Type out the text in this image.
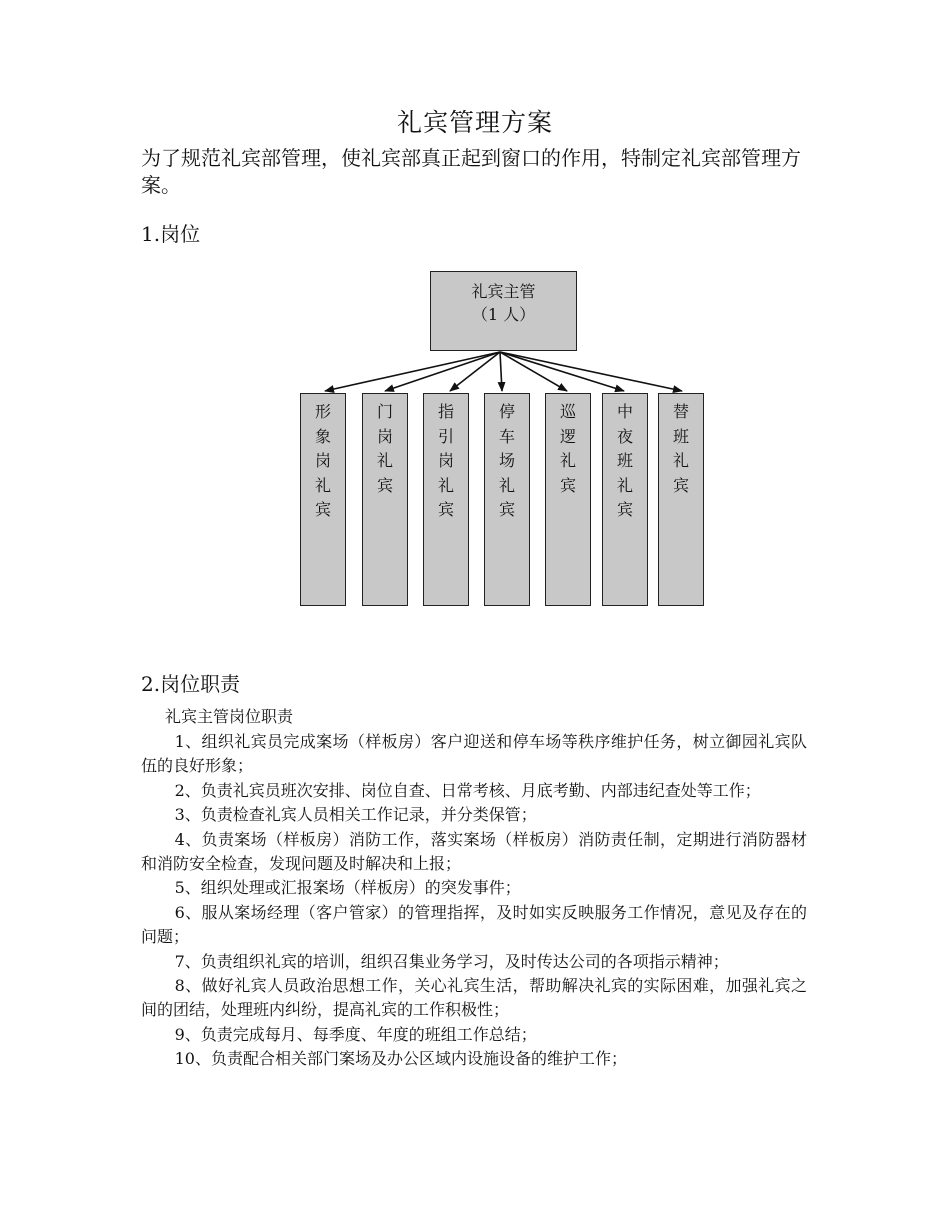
礼宾管理方案
为了规范礼宾部管理，使礼宾部真正起到窗口的作用，特制定礼宾部管理方案。
1.岗位
礼宾主管
（1 人）
形
象
岗
礼
宾
门
岗
礼
宾
指
引
岗
礼
宾
停
车
场
礼
宾
巡
逻
礼
宾
中
夜
班
礼
宾
替
班
礼
宾
2.岗位职责
礼宾主管岗位职责

1、组织礼宾员完成案场（样板房）客户迎送和停车场等秩序维护任务，树立御园礼宾队伍的良好形象；

2、负责礼宾员班次安排、岗位自查、日常考核、月底考勤、内部违纪查处等工作；

3、负责检查礼宾人员相关工作记录，并分类保管；

4、负责案场（样板房）消防工作，落实案场（样板房）消防责任制，定期进行消防器材和消防安全检查，发现问题及时解决和上报；

5、组织处理或汇报案场（样板房）的突发事件；

6、服从案场经理（客户管家）的管理指挥，及时如实反映服务工作情况，意见及存在的问题；

7、负责组织礼宾的培训，组织召集业务学习，及时传达公司的各项指示精神；

8、做好礼宾人员政治思想工作，关心礼宾生活，帮助解决礼宾的实际困难，加强礼宾之间的团结，处理班内纠纷，提高礼宾的工作积极性；

9、负责完成每月、每季度、年度的班组工作总结；

10、负责配合相关部门案场及办公区域内设施设备的维护工作；
